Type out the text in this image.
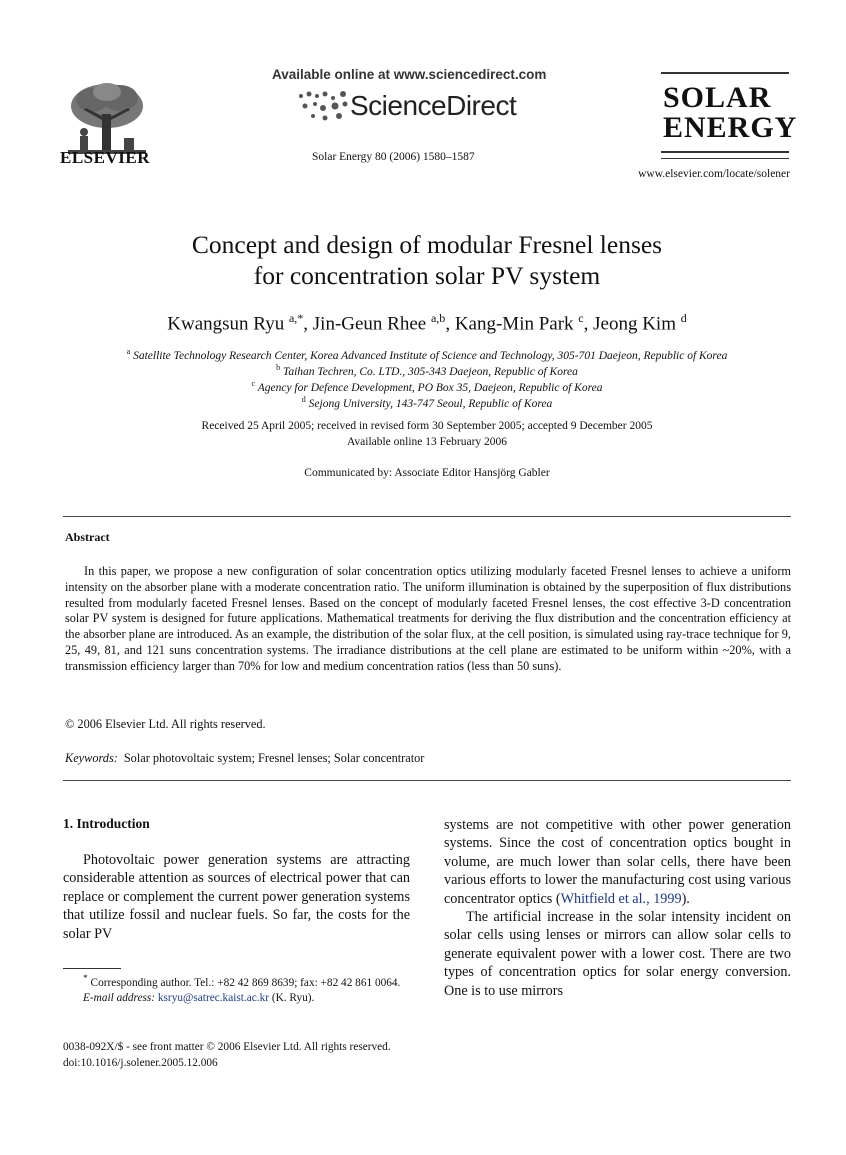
ELSEVIER
Available online at www.sciencedirect.com
ScienceDirect
Solar Energy 80 (2006) 1580–1587
SOLAR
ENERGY
www.elsevier.com/locate/solener
Concept and design of modular Fresnel lenses
for concentration solar PV system
Kwangsun Ryu $^{a,*}$, Jin-Geun Rhee $^{a,b}$, Kang-Min Park $^c$, Jeong Kim $^d$
$^a$ Satellite Technology Research Center, Korea Advanced Institute of Science and Technology, 305-701 Daejeon, Republic of Korea
$^b$ Taihan Techren, Co. LTD., 305-343 Daejeon, Republic of Korea
$^c$ Agency for Defence Development, PO Box 35, Daejeon, Republic of Korea
$^d$ Sejong University, 143-747 Seoul, Republic of Korea
Received 25 April 2005; received in revised form 30 September 2005; accepted 9 December 2005
Available online 13 February 2006
Communicated by: Associate Editor Hansjörg Gabler
Abstract
In this paper, we propose a new configuration of solar concentration optics utilizing modularly faceted Fresnel lenses to achieve a uniform intensity on the absorber plane with a moderate concentration ratio. The uniform illumination is obtained by the superposition of flux distributions resulted from modularly faceted Fresnel lenses. Based on the concept of modularly faceted Fresnel lenses, the cost effective 3-D concentration solar PV system is designed for future applications. Mathematical treatments for deriving the flux distribution and the concentration efficiency at the absorber plane are introduced. As an example, the distribution of the solar flux, at the cell position, is simulated using ray-trace technique for 9, 25, 49, 81, and 121 suns concentration systems. The irradiance distributions at the cell plane are estimated to be uniform within ~20%, with a transmission efficiency larger than 70% for low and medium concentration ratios (less than 50 suns).
© 2006 Elsevier Ltd. All rights reserved.
Keywords: Solar photovoltaic system; Fresnel lenses; Solar concentrator
1. Introduction
Photovoltaic power generation systems are attracting considerable attention as sources of electrical power that can replace or complement the current power generation systems that utilize fossil and nuclear fuels. So far, the costs for the solar PV

systems are not competitive with other power generation systems. Since the cost of concentration optics bought in volume, are much lower than solar cells, there have been various efforts to lower the manufacturing cost using various concentrator optics (Whitfield et al., 1999).

The artificial increase in the solar intensity incident on solar cells using lenses or mirrors can allow solar cells to generate equivalent power with a lower cost. There are two types of concentration optics for solar energy conversion. One is to use mirrors

* Corresponding author. Tel.: +82 42 869 8639; fax: +82 42 861 0064.
E-mail address: ksryu@satrec.kaist.ac.kr (K. Ryu).
0038-092X/$ - see front matter © 2006 Elsevier Ltd. All rights reserved.
doi:10.1016/j.solener.2005.12.006
